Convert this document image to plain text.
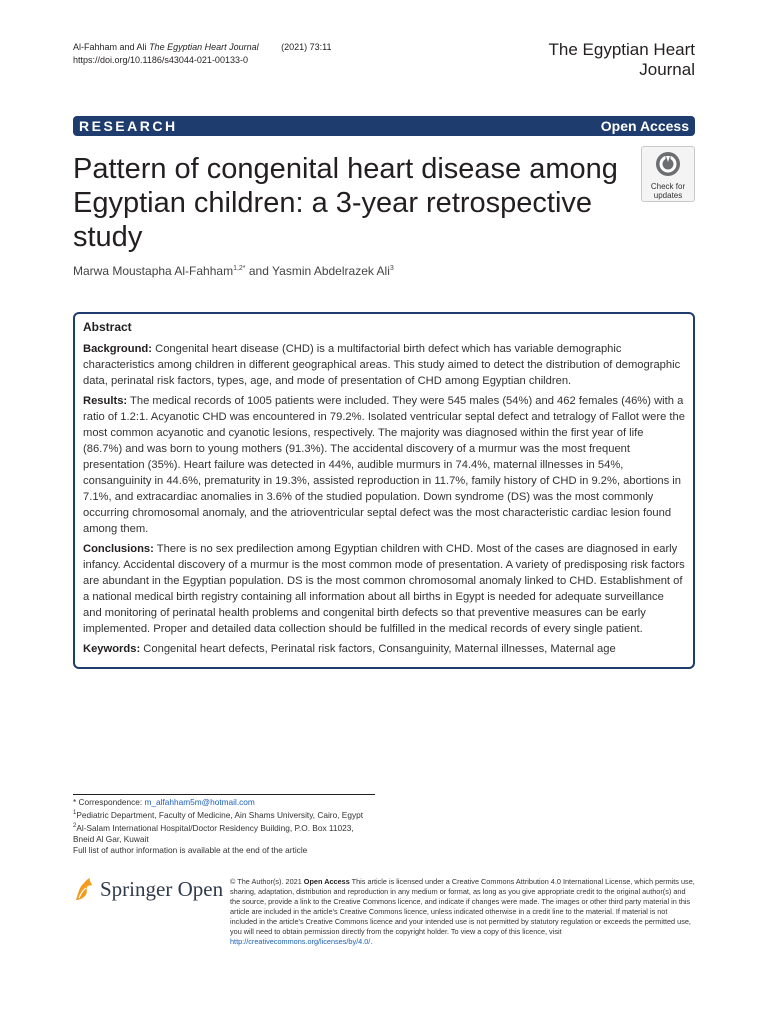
Al-Fahham and Ali The Egyptian Heart Journal	(2021) 73:11
https://doi.org/10.1186/s43044-021-00133-0
The Egyptian Heart
Journal
RESEARCH	Open Access
Pattern of congenital heart disease among Egyptian children: a 3-year retrospective study
Check for
updates
Marwa Moustapha Al-Fahham$^{1,2*}$ and Yasmin Abdelrazek Ali$^3$
Abstract

Background: Congenital heart disease (CHD) is a multifactorial birth defect which has variable demographic characteristics among children in different geographical areas. This study aimed to detect the distribution of demographic data, perinatal risk factors, types, age, and mode of presentation of CHD among Egyptian children.

Results: The medical records of 1005 patients were included. They were 545 males (54%) and 462 females (46%) with a ratio of 1.2:1. Acyanotic CHD was encountered in 79.2%. Isolated ventricular septal defect and tetralogy of Fallot were the most common acyanotic and cyanotic lesions, respectively. The majority was diagnosed within the first year of life (86.7%) and was born to young mothers (91.3%). The accidental discovery of a murmur was the most frequent presentation (35%). Heart failure was detected in 44%, audible murmurs in 74.4%, maternal illnesses in 54%, consanguinity in 44.6%, prematurity in 19.3%, assisted reproduction in 11.7%, family history of CHD in 9.2%, abortions in 7.1%, and extracardiac anomalies in 3.6% of the studied population. Down syndrome (DS) was the most commonly occurring chromosomal anomaly, and the atrioventricular septal defect was the most characteristic cardiac lesion found among them.

Conclusions: There is no sex predilection among Egyptian children with CHD. Most of the cases are diagnosed in early infancy. Accidental discovery of a murmur is the most common mode of presentation. A variety of predisposing risk factors are abundant in the Egyptian population. DS is the most common chromosomal anomaly linked to CHD. Establishment of a national medical birth registry containing all information about all births in Egypt is needed for adequate surveillance and monitoring of perinatal health problems and congenital birth defects so that preventive measures can be early implemented. Proper and detailed data collection should be fulfilled in the medical records of every single patient.

Keywords: Congenital heart defects, Perinatal risk factors, Consanguinity, Maternal illnesses, Maternal age

* Correspondence: m_alfahham5m@hotmail.com
$^1$Pediatric Department, Faculty of Medicine, Ain Shams University, Cairo, Egypt
$^2$Al-Salam International Hospital/Doctor Residency Building, P.O. Box 11023, Bneid Al Gar, Kuwait
Full list of author information is available at the end of the article
Springer Open © The Author(s). 2021 Open Access This article is licensed under a Creative Commons Attribution 4.0 International License, which permits use, sharing, adaptation, distribution and reproduction in any medium or format, as long as you give appropriate credit to the original author(s) and the source, provide a link to the Creative Commons licence, and indicate if changes were made. The images or other third party material in this article are included in the article's Creative Commons licence, unless indicated otherwise in a credit line to the material. If material is not included in the article's Creative Commons licence and your intended use is not permitted by statutory regulation or exceeds the permitted use, you will need to obtain permission directly from the copyright holder. To view a copy of this licence, visit http://creativecommons.org/licenses/by/4.0/.
